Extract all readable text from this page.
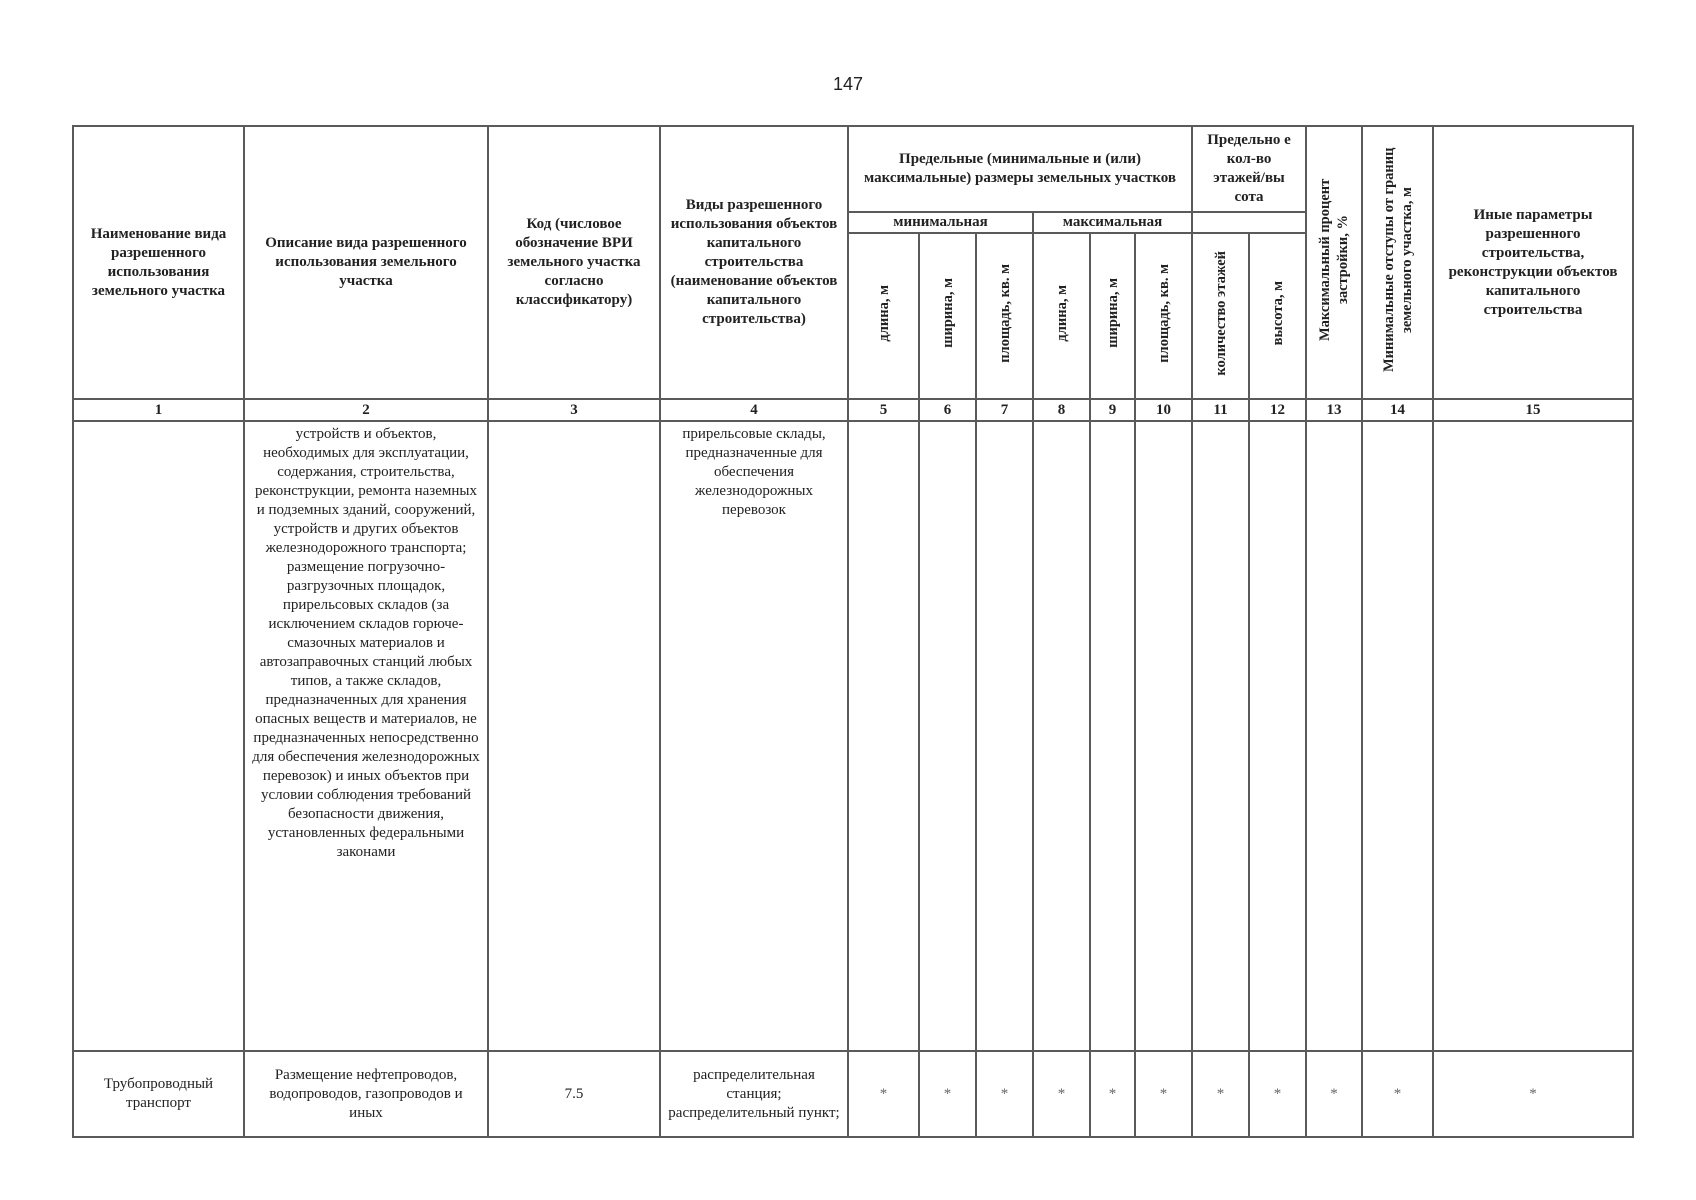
147
Наименование вида разрешенного использования земельного участка	Описание вида разрешенного использования земельного участка	Код (числовое обозначение ВРИ земельного участка согласно классификатору)	Виды разрешенного использования объектов капитального строительства (наименование объектов капитального строительства)	Предельные (минимальные и (или) максимальные) размеры земельных участков						Предельно е кол-во этажей/вы сота		Максимальный процент застройки, %	Минимальные отступы от границ земельного участка, м	Иные параметры разрешенного строительства, реконструкции объектов капитального строительства
				минимальная			максимальная							
				длина, м	ширина, м	площадь, кв. м	длина, м	ширина, м	площадь, кв. м	количество этажей	высота, м			
1	2	3	4	5	6	7	8	9	10	11	12	13	14	15
	устройств и объектов, необходимых для эксплуатации, содержания, строительства, реконструкции, ремонта наземных и подземных зданий, сооружений, устройств и других объектов железнодорожного транспорта; размещение погрузочно-разгрузочных площадок, прирельсовых складов (за исключением складов горюче-смазочных материалов и автозаправочных станций любых типов, а также складов, предназначенных для хранения опасных веществ и материалов, не предназначенных непосредственно для обеспечения железнодорожных перевозок) и иных объектов при условии соблюдения требований безопасности движения, установленных федеральными законами		прирельсовые склады, предназначенные для обеспечения железнодорожных перевозок											
Трубопроводный транспорт	Размещение нефтепроводов, водопроводов, газопроводов и иных	7.5	распределительная станция; распределительный пункт;	*	*	*	*	*	*	*	*	*	*	*
